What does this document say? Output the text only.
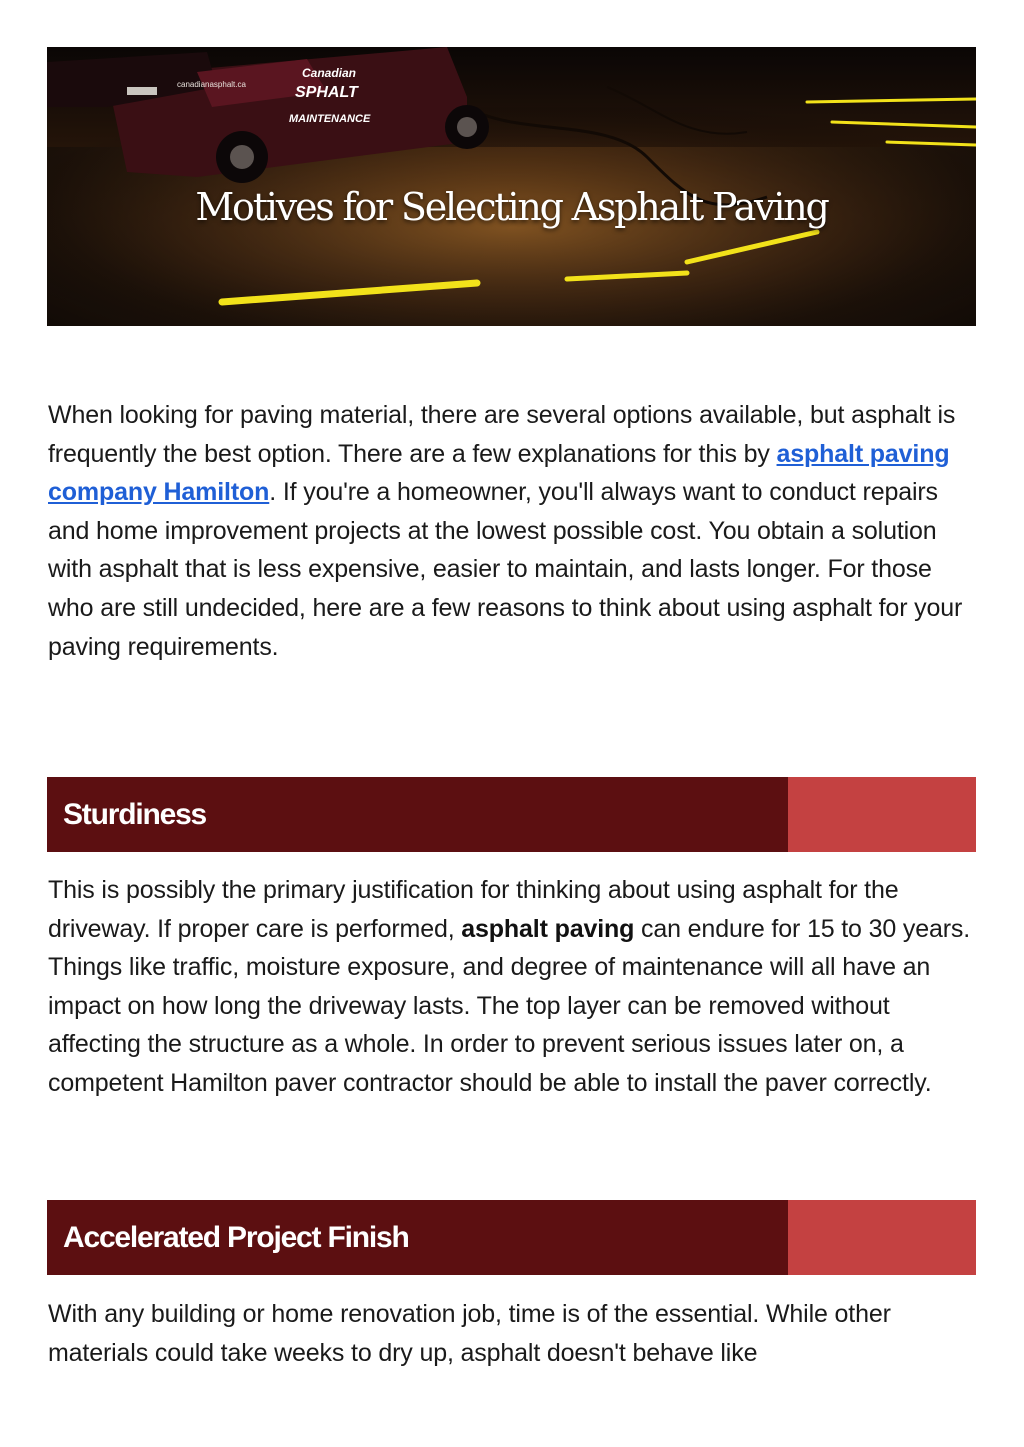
Canadian
SPHALT
MAINTENANCE
canadianasphalt.ca
Motives for Selecting Asphalt Paving

When looking for paving material, there are several options available, but asphalt is frequently the best option. There are a few explanations for this by asphalt paving company Hamilton. If you're a homeowner, you'll always want to conduct repairs and home improvement projects at the lowest possible cost. You obtain a solution with asphalt that is less expensive, easier to maintain, and lasts longer. For those who are still undecided, here are a few reasons to think about using asphalt for your paving requirements.

Sturdiness

This is possibly the primary justification for thinking about using asphalt for the driveway. If proper care is performed, asphalt paving can endure for 15 to 30 years. Things like traffic, moisture exposure, and degree of maintenance will all have an impact on how long the driveway lasts. The top layer can be removed without affecting the structure as a whole. In order to prevent serious issues later on, a competent Hamilton paver contractor should be able to install the paver correctly.

Accelerated Project Finish

With any building or home renovation job, time is of the essential. While other materials could take weeks to dry up, asphalt doesn't behave like
